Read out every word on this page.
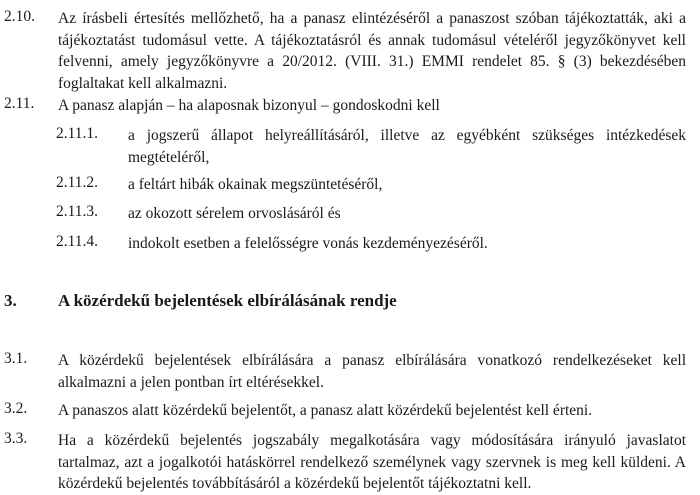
2.10. Az írásbeli értesítés mellőzhető, ha a panasz elintézéséről a panaszost szóban tájékoztatták, aki a tájékoztatást tudomásul vette. A tájékoztatásról és annak tudomásul vételéről jegyzőkönyvet kell felvenni, amely jegyzőkönyvre a 20/2012. (VIII. 31.) EMMI rendelet 85. § (3) bekezdésében foglaltakat kell alkalmazni.
2.11. A panasz alapján – ha alaposnak bizonyul – gondoskodni kell
2.11.1. a jogszerű állapot helyreállításáról, illetve az egyébként szükséges intézkedések megtételéről,
2.11.2. a feltárt hibák okainak megszüntetéséről,
2.11.3. az okozott sérelem orvoslásáról és
2.11.4. indokolt esetben a felelősségre vonás kezdeményezéséről.
3. A közérdekű bejelentések elbírálásának rendje
3.1. A közérdekű bejelentések elbírálására a panasz elbírálására vonatkozó rendelkezéseket kell alkalmazni a jelen pontban írt eltérésekkel.
3.2. A panaszos alatt közérdekű bejelentőt, a panasz alatt közérdekű bejelentést kell érteni.
3.3. Ha a közérdekű bejelentés jogszabály megalkotására vagy módosítására irányuló javaslatot tartalmaz, azt a jogalkotói hatáskörrel rendelkező személynek vagy szervnek is meg kell küldeni. A közérdekű bejelentés továbbításáról a közérdekű bejelentőt tájékoztatni kell.
